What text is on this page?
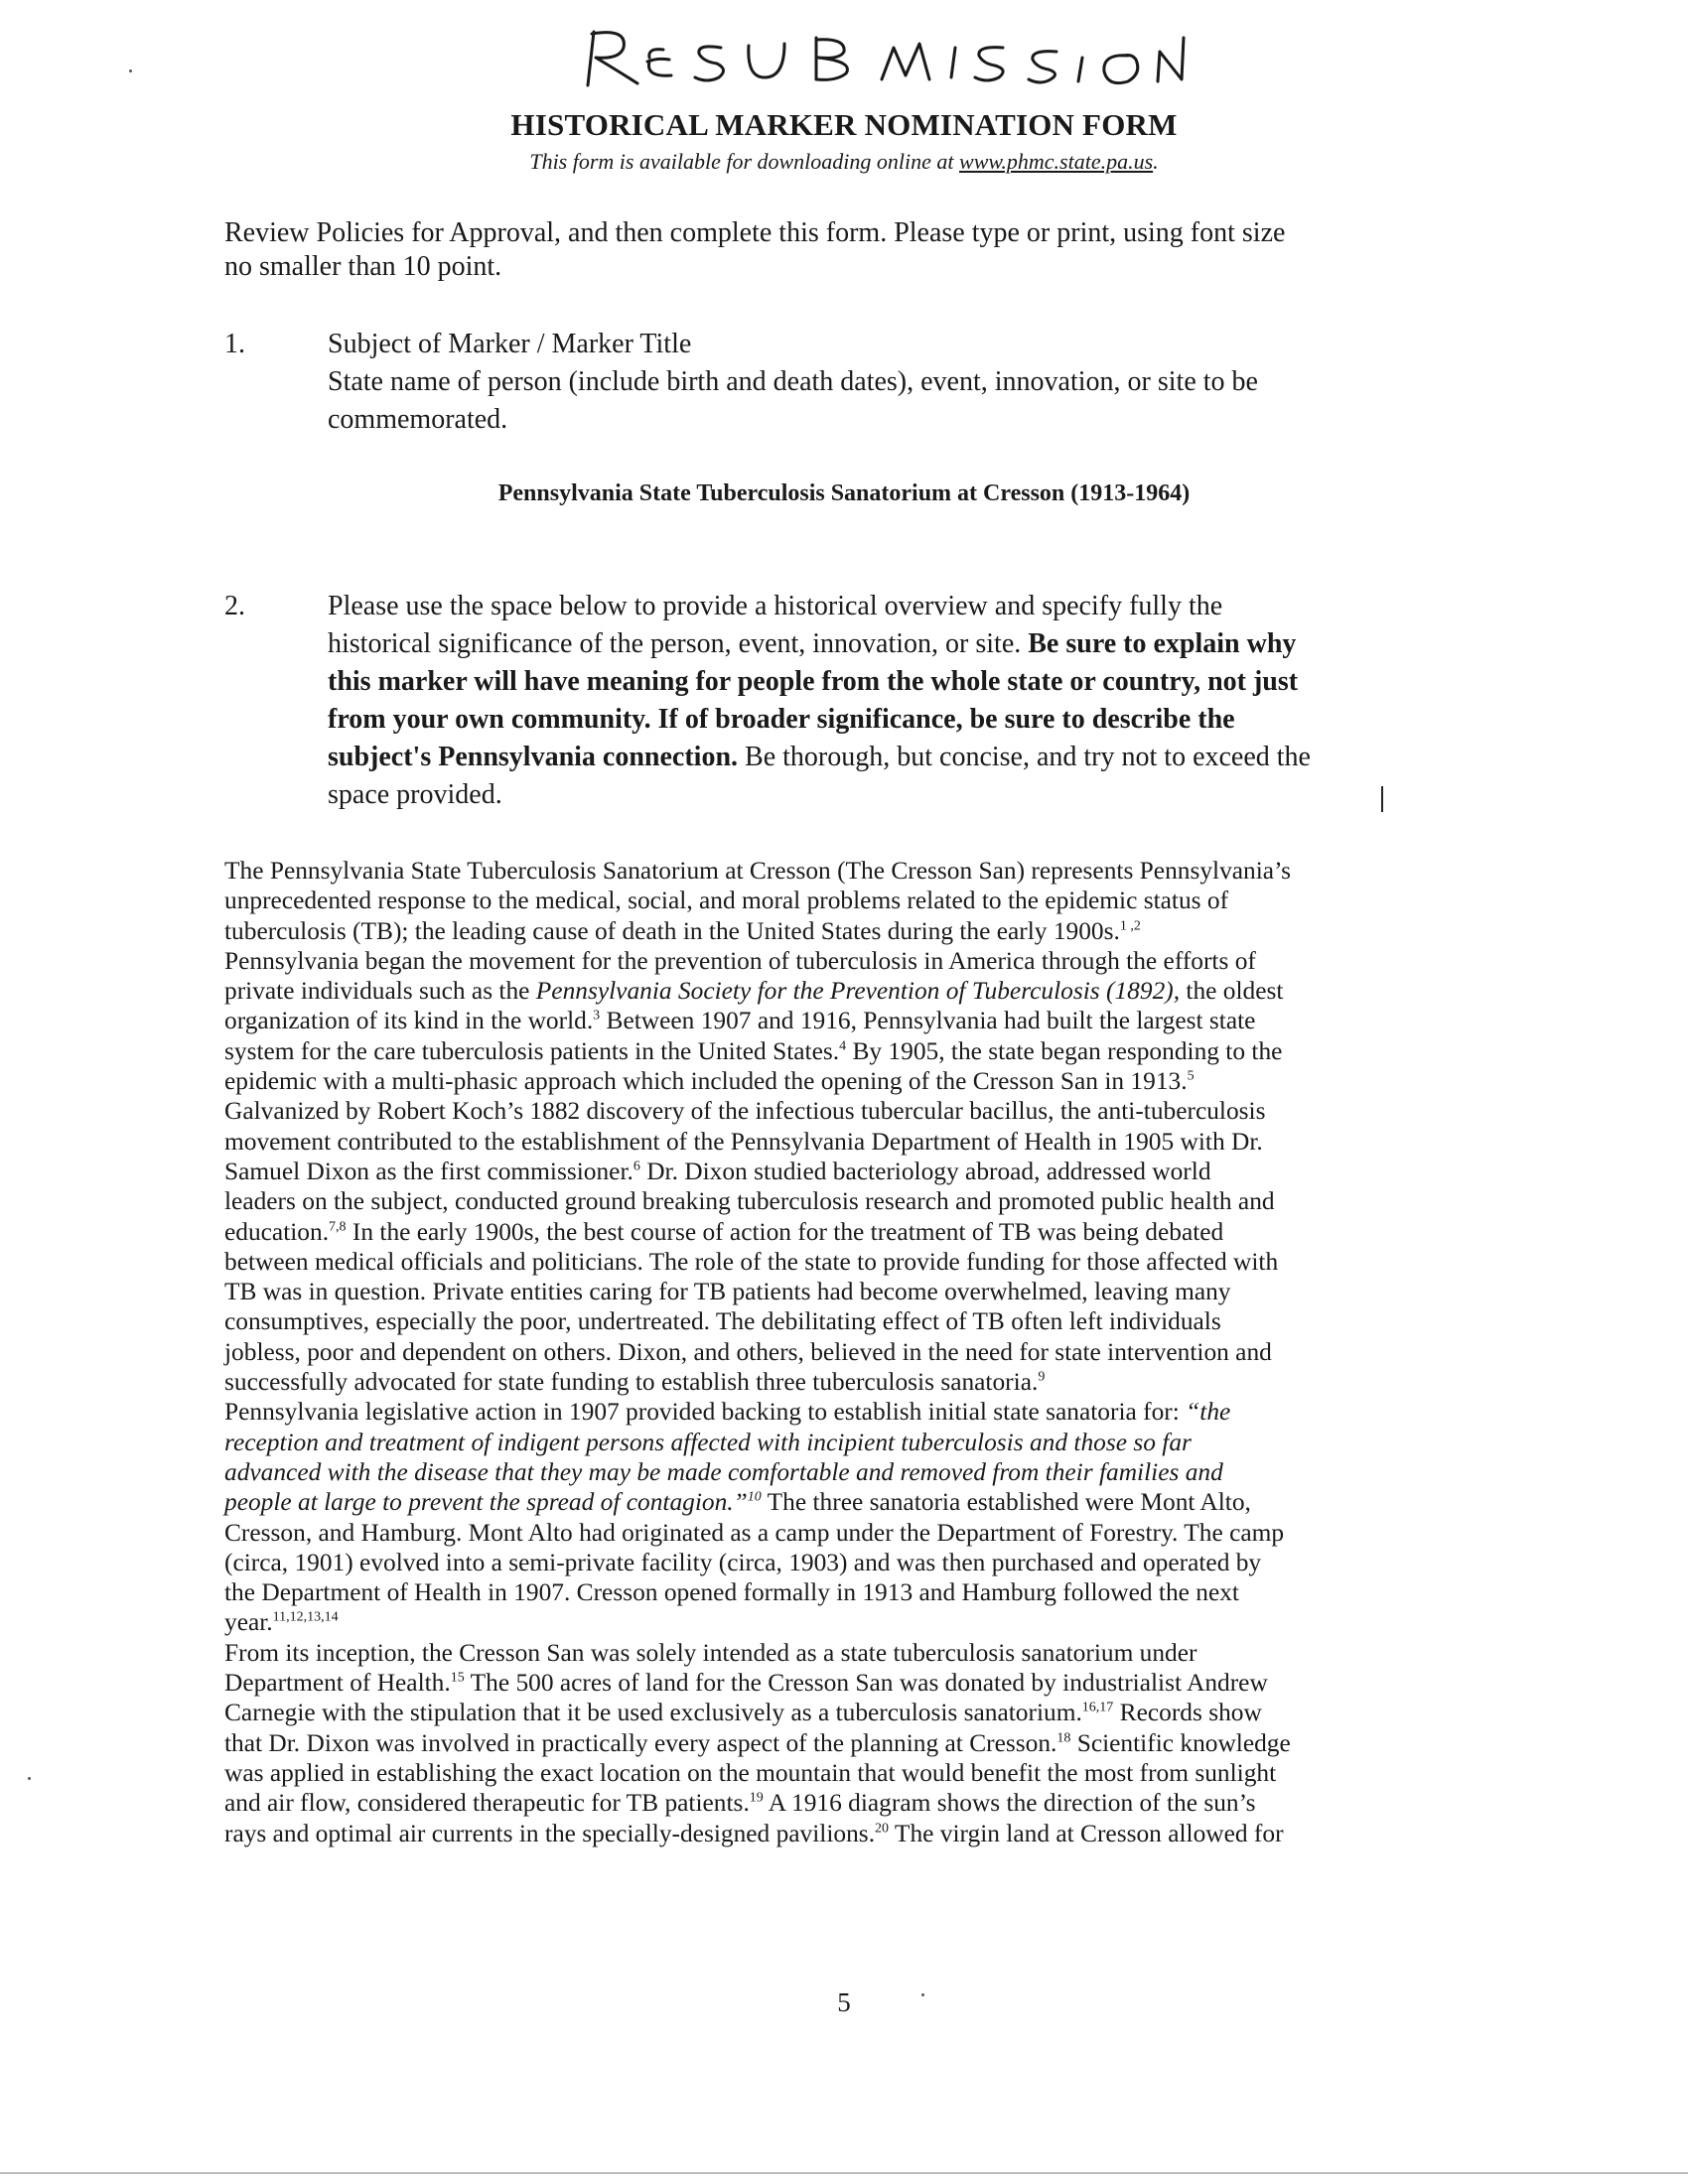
HISTORICAL MARKER NOMINATION FORM
This form is available for downloading online at www.phmc.state.pa.us.
Review Policies for Approval, and then complete this form. Please type or print, using font size
no smaller than 10 point.
1.	Subject of Marker / Marker Title
State name of person (include birth and death dates), event, innovation, or site to be
commemorated.
Pennsylvania State Tuberculosis Sanatorium at Cresson (1913-1964)
2.	Please use the space below to provide a historical overview and specify fully the
historical significance of the person, event, innovation, or site. Be sure to explain why
this marker will have meaning for people from the whole state or country, not just
from your own community. If of broader significance, be sure to describe the
subject's Pennsylvania connection. Be thorough, but concise, and try not to exceed the
space provided.

The Pennsylvania State Tuberculosis Sanatorium at Cresson (The Cresson San) represents Pennsylvania’s
unprecedented response to the medical, social, and moral problems related to the epidemic status of
tuberculosis (TB); the leading cause of death in the United States during the early 1900s.$^{1 ,2}$
Pennsylvania began the movement for the prevention of tuberculosis in America through the efforts of
private individuals such as the Pennsylvania Society for the Prevention of Tuberculosis (1892), the oldest
organization of its kind in the world.$^3$ Between 1907 and 1916, Pennsylvania had built the largest state
system for the care tuberculosis patients in the United States.$^4$ By 1905, the state began responding to the
epidemic with a multi-phasic approach which included the opening of the Cresson San in 1913.$^5$
Galvanized by Robert Koch’s 1882 discovery of the infectious tubercular bacillus, the anti-tuberculosis
movement contributed to the establishment of the Pennsylvania Department of Health in 1905 with Dr.
Samuel Dixon as the first commissioner.$^6$ Dr. Dixon studied bacteriology abroad, addressed world
leaders on the subject, conducted ground breaking tuberculosis research and promoted public health and
education.$^{7,8}$ In the early 1900s, the best course of action for the treatment of TB was being debated
between medical officials and politicians. The role of the state to provide funding for those affected with
TB was in question. Private entities caring for TB patients had become overwhelmed, leaving many
consumptives, especially the poor, undertreated. The debilitating effect of TB often left individuals
jobless, poor and dependent on others. Dixon, and others, believed in the need for state intervention and
successfully advocated for state funding to establish three tuberculosis sanatoria.$^9$
Pennsylvania legislative action in 1907 provided backing to establish initial state sanatoria for: “the
reception and treatment of indigent persons affected with incipient tuberculosis and those so far
advanced with the disease that they may be made comfortable and removed from their families and
people at large to prevent the spread of contagion.”$^{10}$ The three sanatoria established were Mont Alto,
Cresson, and Hamburg. Mont Alto had originated as a camp under the Department of Forestry. The camp
(circa, 1901) evolved into a semi-private facility (circa, 1903) and was then purchased and operated by
the Department of Health in 1907. Cresson opened formally in 1913 and Hamburg followed the next
year.$^{11,12,13,14}$
From its inception, the Cresson San was solely intended as a state tuberculosis sanatorium under
Department of Health.$^{15}$ The 500 acres of land for the Cresson San was donated by industrialist Andrew
Carnegie with the stipulation that it be used exclusively as a tuberculosis sanatorium.$^{16,17}$ Records show
that Dr. Dixon was involved in practically every aspect of the planning at Cresson.$^{18}$ Scientific knowledge
was applied in establishing the exact location on the mountain that would benefit the most from sunlight
and air flow, considered therapeutic for TB patients.$^{19}$ A 1916 diagram shows the direction of the sun’s
rays and optimal air currents in the specially-designed pavilions.$^{20}$ The virgin land at Cresson allowed for

5
